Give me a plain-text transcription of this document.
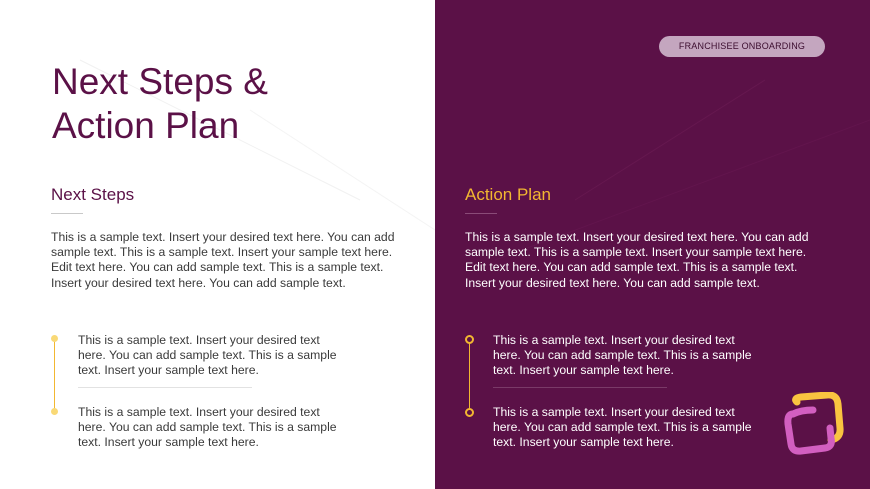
Next Steps &
Action Plan
Next Steps

This is a sample text. Insert your desired text here. You can add sample text. This is a sample text. Insert your sample text here. Edit text here. You can add sample text. This is a sample text. Insert your desired text here. You can add sample text.

This is a sample text. Insert your desired text here. You can add sample text. This is a sample text. Insert your sample text here.

This is a sample text. Insert your desired text here. You can add sample text. This is a sample text. Insert your sample text here.

FRANCHISEE ONBOARDING
Action Plan

This is a sample text. Insert your desired text here. You can add sample text. This is a sample text. Insert your sample text here. Edit text here. You can add sample text. This is a sample text. Insert your desired text here. You can add sample text.

This is a sample text. Insert your desired text here. You can add sample text. This is a sample text. Insert your sample text here.

This is a sample text. Insert your desired text here. You can add sample text. This is a sample text. Insert your sample text here.
